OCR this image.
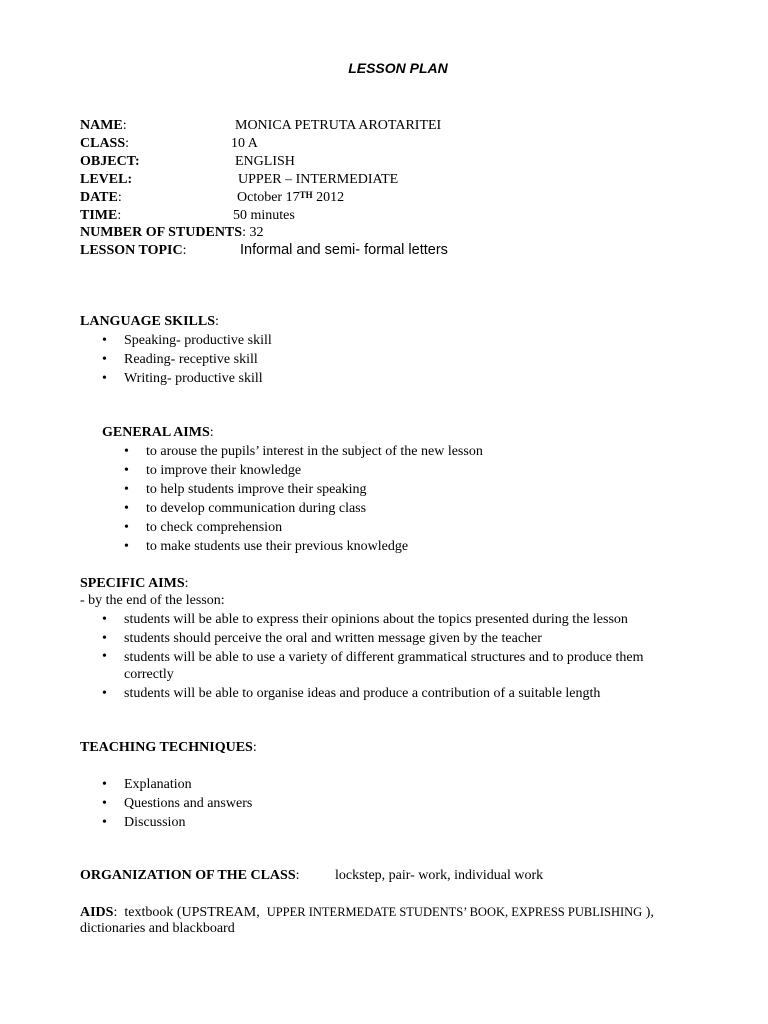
LESSON PLAN
NAME:	MONICA PETRUTA AROTARITEI
CLASS:	10 A
OBJECT:	ENGLISH
LEVEL:	UPPER – INTERMEDIATE
DATE:	October 17TH 2012
TIME:	50 minutes
NUMBER OF STUDENTS: 32
LESSON TOPIC:	Informal and semi- formal letters
LANGUAGE SKILLS:
• Speaking- productive skill
• Reading- receptive skill
• Writing- productive skill
GENERAL AIMS:
• to arouse the pupils’ interest in the subject of the new lesson
• to improve their knowledge
• to help students improve their speaking
• to develop communication during class
• to check comprehension
• to make students use their previous knowledge
SPECIFIC AIMS:
- by the end of the lesson:
• students will be able to express their opinions about the topics presented during the lesson
• students should perceive the oral and written message given by the teacher
• students will be able to use a variety of different grammatical structures and to produce them correctly
• students will be able to organise ideas and produce a contribution of a suitable length
TEACHING TECHNIQUES:
• Explanation
• Questions and answers
• Discussion
ORGANIZATION OF THE CLASS:	lockstep, pair- work, individual work
AIDS: textbook (UPSTREAM, UPPER INTERMEDATE STUDENTS’ BOOK, EXPRESS PUBLISHING ),
dictionaries and blackboard
